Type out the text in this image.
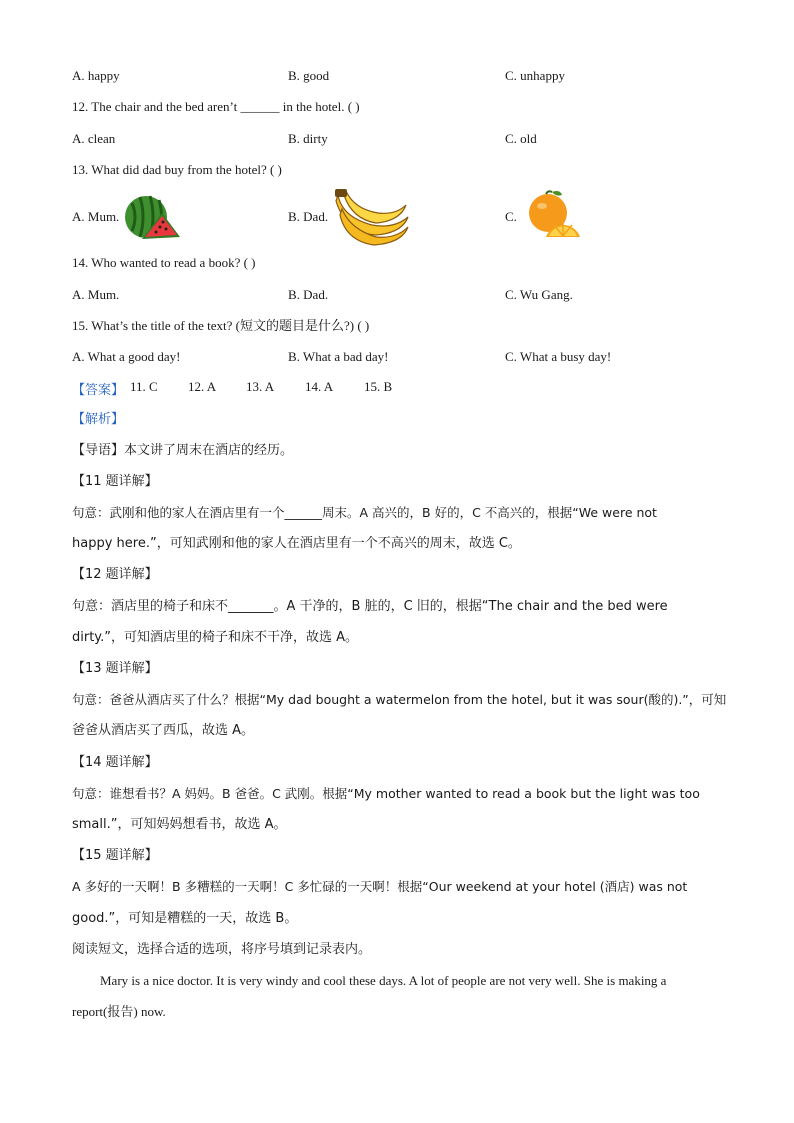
A. happy	B. good	C. unhappy
12. The chair and the bed aren’t ______ in the hotel. ( )
A. clean	B. dirty	C. old
13. What did dad buy from the hotel? ( )
A. Mum.	B. Dad.	C.
14. Who wanted to read a book? ( )
A. Mum.	B. Dad.	C. Wu Gang.
15. What’s the title of the text? (短文的题目是什么?) ( )
A. What a good day!	B. What a bad day!	C. What a busy day!
【答案】 11. C 12. A 13. A 14. A 15. B
【解析】
【导语】本文讲了周末在酒店的经历。
【11 题详解】
句意：武刚和他的家人在酒店里有一个______周末。A 高兴的，B 好的，C 不高兴的，根据“We were not
happy here.”，可知武刚和他的家人在酒店里有一个不高兴的周末，故选 C。
【12 题详解】
句意：酒店里的椅子和床不_______。A 干净的，B 脏的，C 旧的，根据“The chair and the bed were
dirty.”，可知酒店里的椅子和床不干净，故选 A。
【13 题详解】
句意：爸爸从酒店买了什么？根据“My dad bought a watermelon from the hotel, but it was sour(酸的).”，可知
爸爸从酒店买了西瓜，故选 A。
【14 题详解】
句意：谁想看书？A 妈妈。B 爸爸。C 武刚。根据“My mother wanted to read a book but the light was too
small.”，可知妈妈想看书，故选 A。
【15 题详解】
A 多好的一天啊！B 多糟糕的一天啊！C 多忙碌的一天啊！根据“Our weekend at your hotel (酒店) was not
good.”，可知是糟糕的一天，故选 B。
阅读短文，选择合适的选项，将序号填到记录表内。
Mary is a nice doctor. It is very windy and cool these days. A lot of people are not very well. She is making a
report(报告) now.
